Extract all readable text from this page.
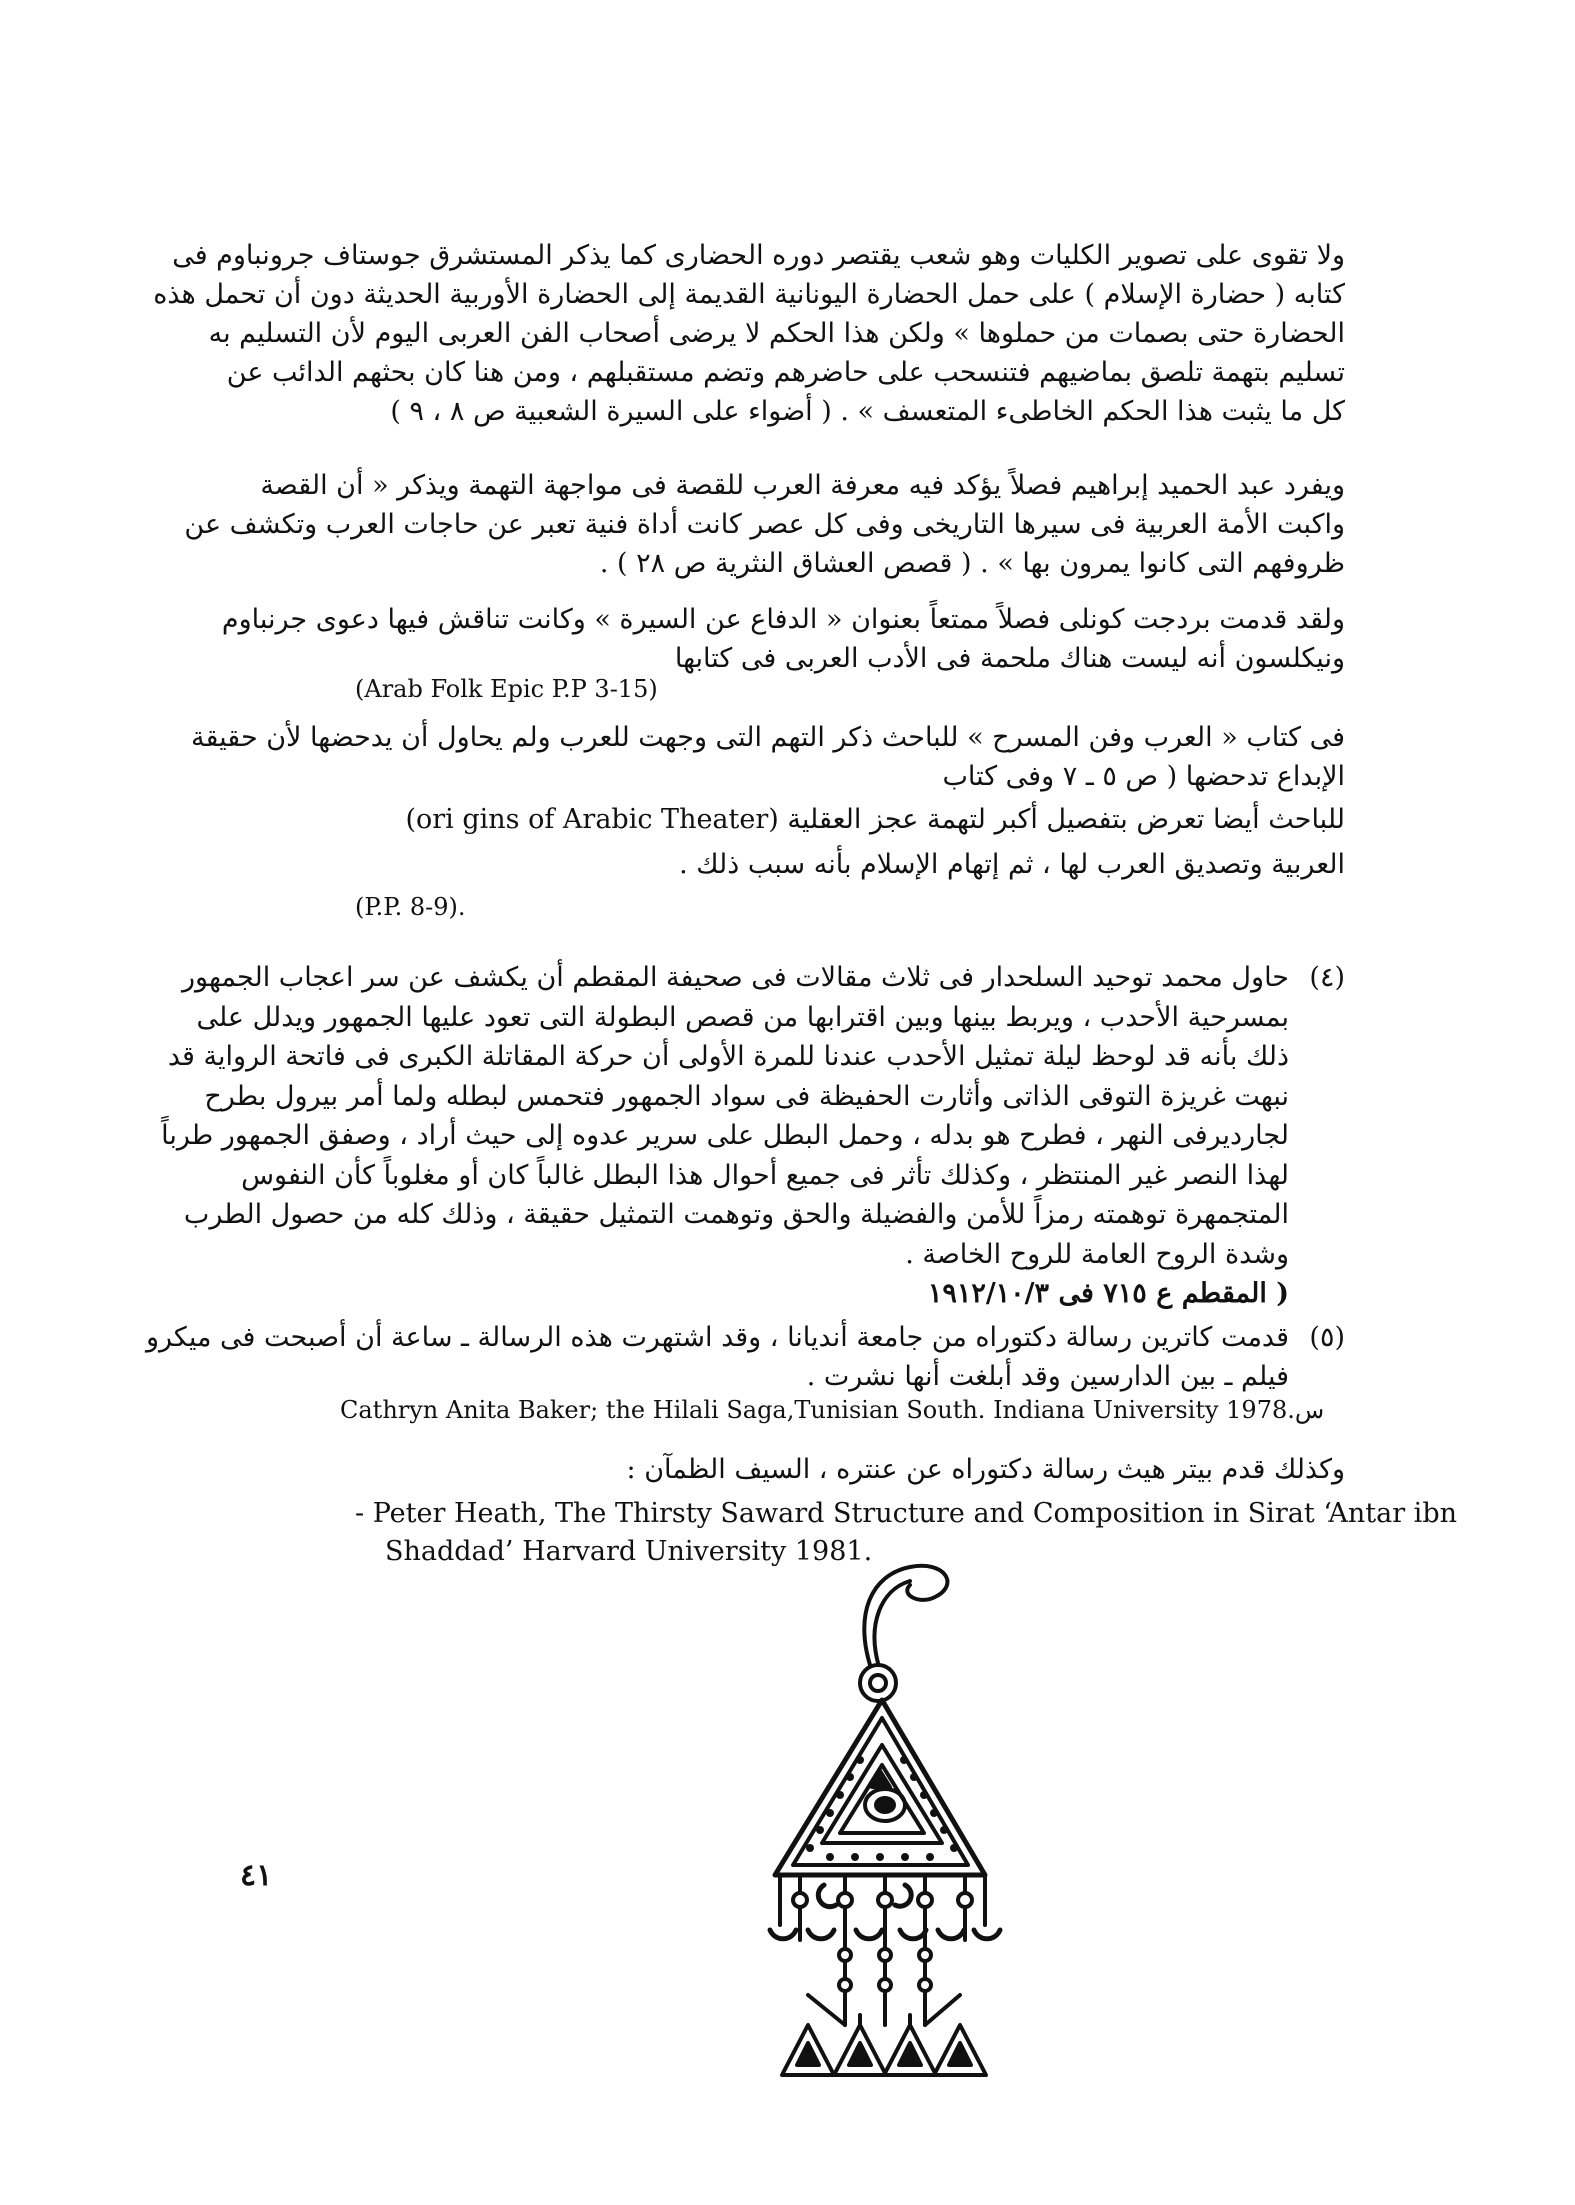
ولا تقوى على تصوير الكليات وهو شعب يقتصر دوره الحضارى كما يذكر المستشرق جوستاف جرونباوم فى
كتابه ( حضارة الإسلام ) على حمل الحضارة اليونانية القديمة إلى الحضارة الأوربية الحديثة دون أن تحمل هذه
الحضارة حتى بصمات من حملوها » ولكن هذا الحكم لا يرضى أصحاب الفن العربى اليوم لأن التسليم به
تسليم بتهمة تلصق بماضيهم فتنسحب على حاضرهم وتضم مستقبلهم ، ومن هنا كان بحثهم الدائب عن
كل ما يثبت هذا الحكم الخاطىء المتعسف » . ( أضواء على السيرة الشعبية ص ٨ ، ٩ )
ويفرد عبد الحميد إبراهيم فصلاً يؤكد فيه معرفة العرب للقصة فى مواجهة التهمة ويذكر « أن القصة
واكبت الأمة العربية فى سيرها التاريخى وفى كل عصر كانت أداة فنية تعبر عن حاجات العرب وتكشف عن
ظروفهم التى كانوا يمرون بها » . ( قصص العشاق النثرية ص ٢٨ ) .
ولقد قدمت بردجت كونلى فصلاً ممتعاً بعنوان « الدفاع عن السيرة » وكانت تناقش فيها دعوى جرنباوم
ونيكلسون أنه ليست هناك ملحمة فى الأدب العربى فى كتابها
(Arab Folk Epic P.P 3-15)
فى كتاب « العرب وفن المسرح » للباحث ذكر التهم التى وجهت للعرب ولم يحاول أن يدحضها لأن حقيقة
الإبداع تدحضها ( ص ٥ ـ ٧ وفى كتاب
للباحث أيضا تعرض بتفصيل أكبر لتهمة عجز العقلية (ori gins of Arabic Theater)
العربية وتصديق العرب لها ، ثم إتهام الإسلام بأنه سبب ذلك .
(P.P. 8-9).
(٤)
حاول محمد توحيد السلحدار فى ثلاث مقالات فى صحيفة المقطم أن يكشف عن سر اعجاب الجمهور
بمسرحية الأحدب ، ويربط بينها وبين اقترابها من قصص البطولة التى تعود عليها الجمهور ويدلل على
ذلك بأنه قد لوحظ ليلة تمثيل الأحدب عندنا للمرة الأولى أن حركة المقاتلة الكبرى فى فاتحة الرواية قد
نبهت غريزة التوقى الذاتى وأثارت الحفيظة فى سواد الجمهور فتحمس لبطله ولما أمر بيرول بطرح
لجارديرفى النهر ، فطرح هو بدله ، وحمل البطل على سرير عدوه إلى حيث أراد ، وصفق الجمهور طرباً
لهذا النصر غير المنتظر ، وكذلك تأثر فى جميع أحوال هذا البطل غالباً كان أو مغلوباً كأن النفوس
المتجمهرة توهمته رمزاً للأمن والفضيلة والحق وتوهمت التمثيل حقيقة ، وذلك كله من حصول الطرب
وشدة الروح العامة للروح الخاصة .
( المقطم ع ٧١٥ فى ١٩١٢/١٠/٣
(٥)
قدمت كاترين رسالة دكتوراه من جامعة أنديانا ، وقد اشتهرت هذه الرسالة ـ ساعة أن أصبحت فى ميكرو
فيلم ـ بين الدارسين وقد أبلغت أنها نشرت .
Cathryn Anita Baker; the Hilali Saga,Tunisian South. Indiana University 1978.س
وكذلك قدم بيتر هيث رسالة دكتوراه عن عنتره ، السيف الظمآن :
- Peter Heath, The Thirsty Saward Structure and Composition in Sirat ‘Antar ibn
Shaddad’ Harvard University 1981.
٤١
